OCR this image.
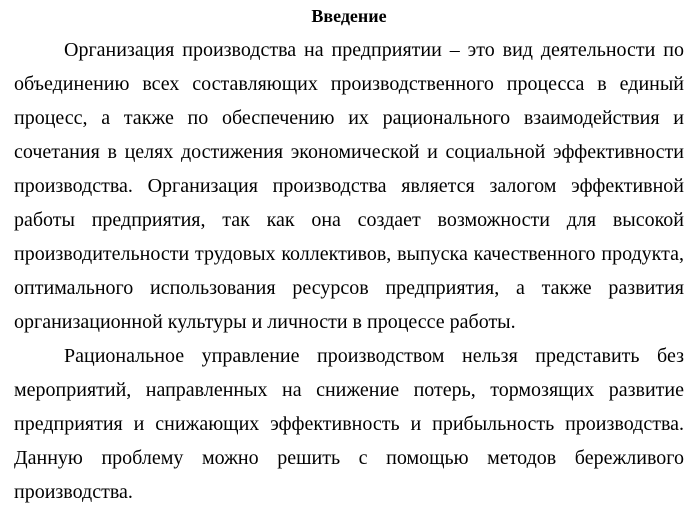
Введение

Организация производства на предприятии – это вид деятельности по объединению всех составляющих производственного процесса в единый процесс, а также по обеспечению их рационального взаимодействия и сочетания в целях достижения экономической и социальной эффективности производства. Организация производства является залогом эффективной работы предприятия, так как она создает возможности для высокой производительности трудовых коллективов, выпуска качественного продукта, оптимального использования ресурсов предприятия, а также развития организационной культуры и личности в процессе работы.

Рациональное управление производством нельзя представить без мероприятий, направленных на снижение потерь, тормозящих развитие предприятия и снижающих эффективность и прибыльность производства. Данную проблему можно решить с помощью методов бережливого производства.
